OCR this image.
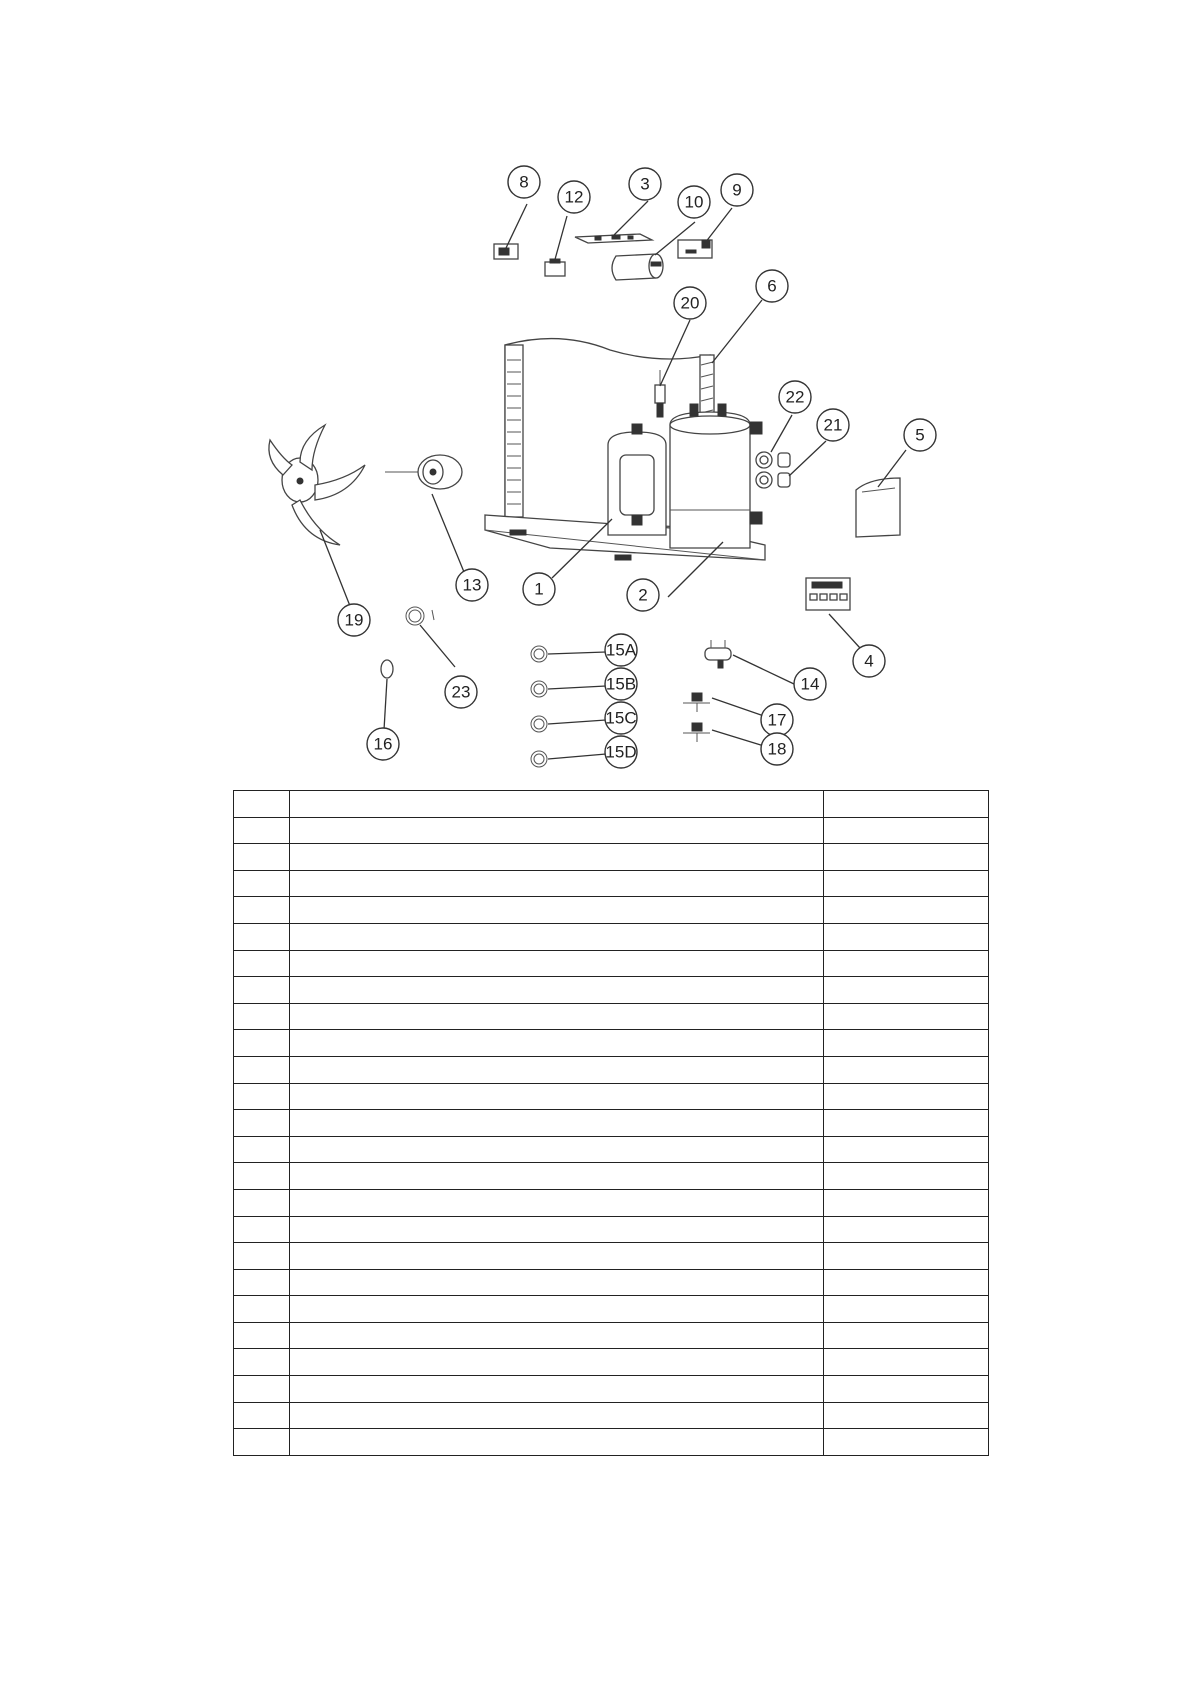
1	2
3
4
5
6
8	9
10
12
13
14
15A
15B
15C
15D
16
17
18
19
20
21
22
23
